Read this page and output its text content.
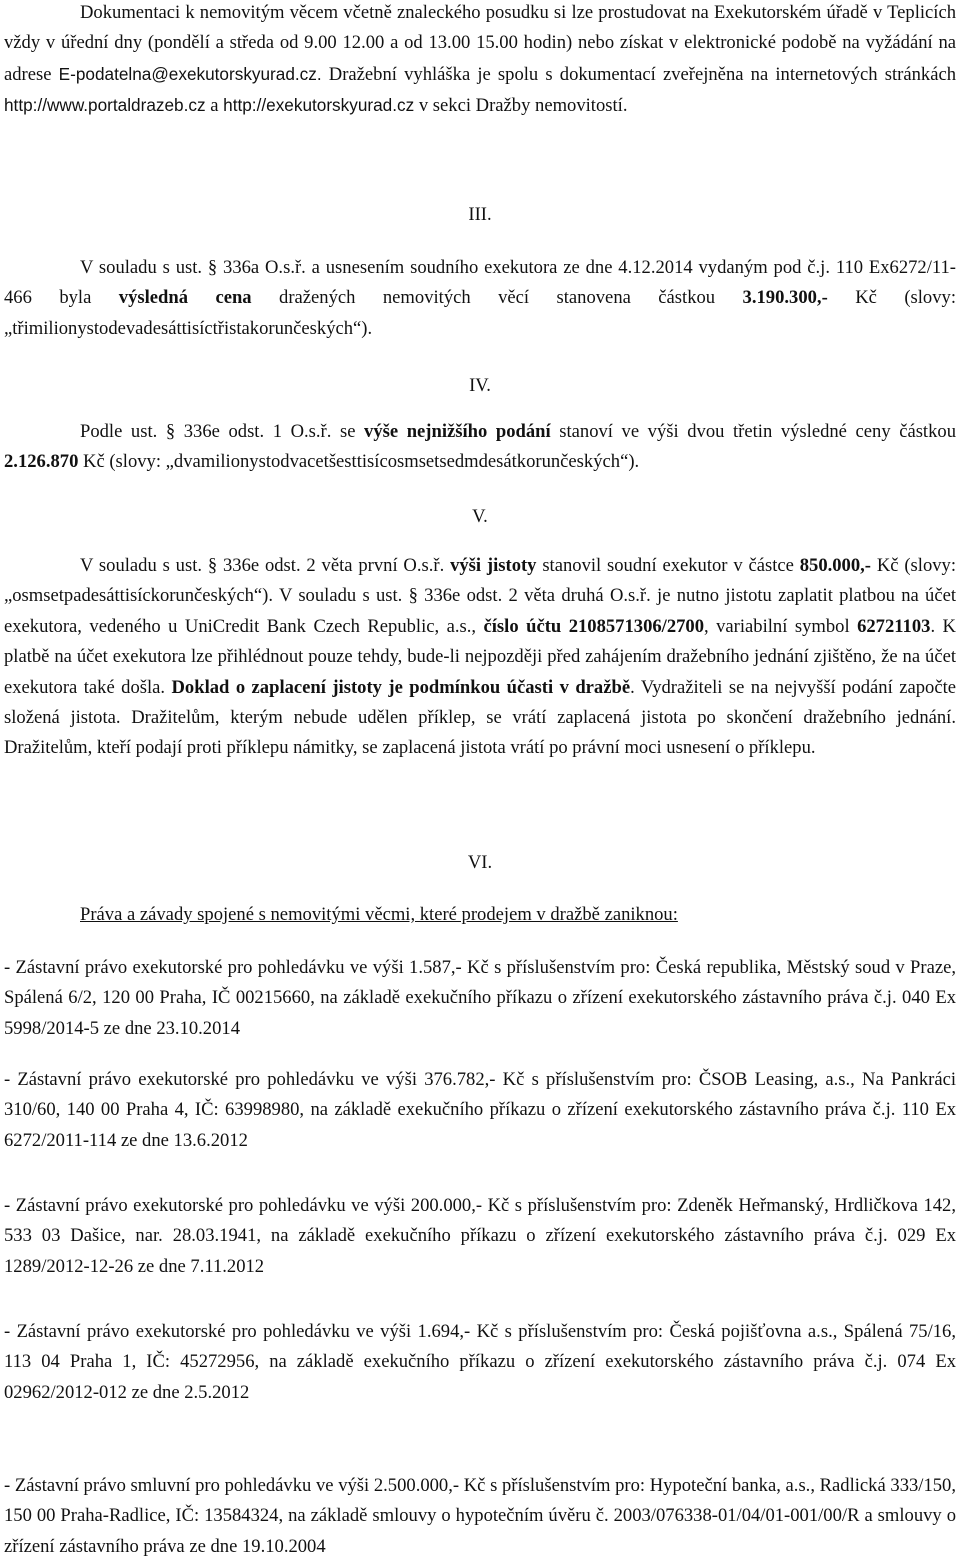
Dokumentaci k nemovitým věcem včetně znaleckého posudku si lze prostudovat na Exekutorském úřadě v Teplicích vždy v úřední dny (pondělí a středa od 9.00 12.00 a od 13.00 15.00 hodin) nebo získat v elektronické podobě na vyžádání na adrese E-podatelna@exekutorskyurad.cz. Dražební vyhláška je spolu s dokumentací zveřejněna na internetových stránkách http://www.portaldrazeb.cz a http://exekutorskyurad.cz v sekci Dražby nemovitostí.

III.

V souladu s ust. § 336a O.s.ř. a usnesením soudního exekutora ze dne 4.12.2014 vydaným pod č.j. 110 Ex6272/11-466 byla výsledná cena dražených nemovitých věcí stanovena částkou 3.190.300,- Kč (slovy: „třimilionystodevadesáttisíctřistakorunčeských“).

IV.

Podle ust. § 336e odst. 1 O.s.ř. se výše nejnižšího podání stanoví ve výši dvou třetin výsledné ceny částkou 2.126.870 Kč (slovy: „dvamilionystodvacetšesttisícosmsetsedmdesátkorunčeských“).

V.

V souladu s ust. § 336e odst. 2 věta první O.s.ř. výši jistoty stanovil soudní exekutor v částce 850.000,- Kč (slovy: „osmsetpadesáttisíckorunčeských“). V souladu s ust. § 336e odst. 2 věta druhá O.s.ř. je nutno jistotu zaplatit platbou na účet exekutora, vedeného u UniCredit Bank Czech Republic, a.s., číslo účtu 2108571306/2700, variabilní symbol 62721103. K platbě na účet exekutora lze přihlédnout pouze tehdy, bude-li nejpozději před zahájením dražebního jednání zjištěno, že na účet exekutora také došla. Doklad o zaplacení jistoty je podmínkou účasti v dražbě. Vydražiteli se na nejvyšší podání započte složená jistota. Dražitelům, kterým nebude udělen příklep, se vrátí zaplacená jistota po skončení dražebního jednání. Dražitelům, kteří podají proti příklepu námitky, se zaplacená jistota vrátí po právní moci usnesení o příklepu.

VI.

Práva a závady spojené s nemovitými věcmi, které prodejem v dražbě zaniknou:

- Zástavní právo exekutorské pro pohledávku ve výši 1.587,- Kč s příslušenstvím pro: Česká republika, Městský soud v Praze, Spálená 6/2, 120 00 Praha, IČ 00215660, na základě exekučního příkazu o zřízení exekutorského zástavního práva č.j. 040 Ex 5998/2014-5 ze dne 23.10.2014

- Zástavní právo exekutorské pro pohledávku ve výši 376.782,- Kč s příslušenstvím pro: ČSOB Leasing, a.s., Na Pankráci 310/60, 140 00 Praha 4, IČ: 63998980, na základě exekučního příkazu o zřízení exekutorského zástavního práva č.j. 110 Ex 6272/2011-114 ze dne 13.6.2012

- Zástavní právo exekutorské pro pohledávku ve výši 200.000,- Kč s příslušenstvím pro: Zdeněk Heřmanský, Hrdličkova 142, 533 03 Dašice, nar. 28.03.1941, na základě exekučního příkazu o zřízení exekutorského zástavního práva č.j. 029 Ex 1289/2012-12-26 ze dne 7.11.2012

- Zástavní právo exekutorské pro pohledávku ve výši 1.694,- Kč s příslušenstvím pro: Česká pojišťovna a.s., Spálená 75/16, 113 04 Praha 1, IČ: 45272956, na základě exekučního příkazu o zřízení exekutorského zástavního práva č.j. 074 Ex 02962/2012-012 ze dne 2.5.2012

- Zástavní právo smluvní pro pohledávku ve výši 2.500.000,- Kč s příslušenstvím pro: Hypoteční banka, a.s., Radlická 333/150, 150 00 Praha-Radlice, IČ: 13584324, na základě smlouvy o hypotečním úvěru č. 2003/076338-01/04/01-001/00/R a smlouvy o zřízení zástavního práva ze dne 19.10.2004
